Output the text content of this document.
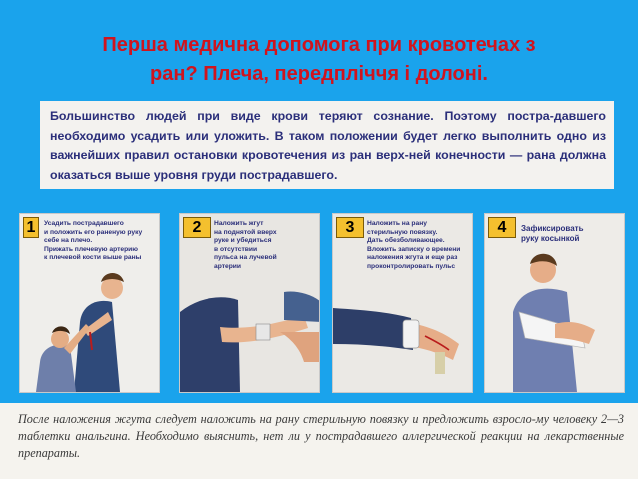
Перша медична допомога при кровотечах з
ран? Плеча, передпліччя і долоні.

Большинство людей при виде крови теряют сознание. Поэтому постра-давшего необходимо усадить или уложить. В таком положении будет легко выполнить одно из важнейших правил остановки кровотечения из ран верх-ней конечности — рана должна оказаться выше уровня груди пострадавшего.

1 Усадить пострадавшего
и положить его раненую руку
себе на плечо.
Прижать плечевую артерию
к плечевой кости выше раны
2 Наложить жгут
на поднятой вверх
руке и убедиться
в отсутствии
пульса на лучевой
артерии
3 Наложить на рану
стерильную повязку.
Дать обезболивающее.
Вложить записку о времени
наложения жгута и еще раз
проконтролировать пульс
4 Зафиксировать
руку косынкой

После наложения жгута следует наложить на рану стерильную повязку и предложить взросло-му человеку 2—3 таблетки анальгина. Необходимо выяснить, нет ли у пострадавшего аллергической реакции на лекарственные препараты.
